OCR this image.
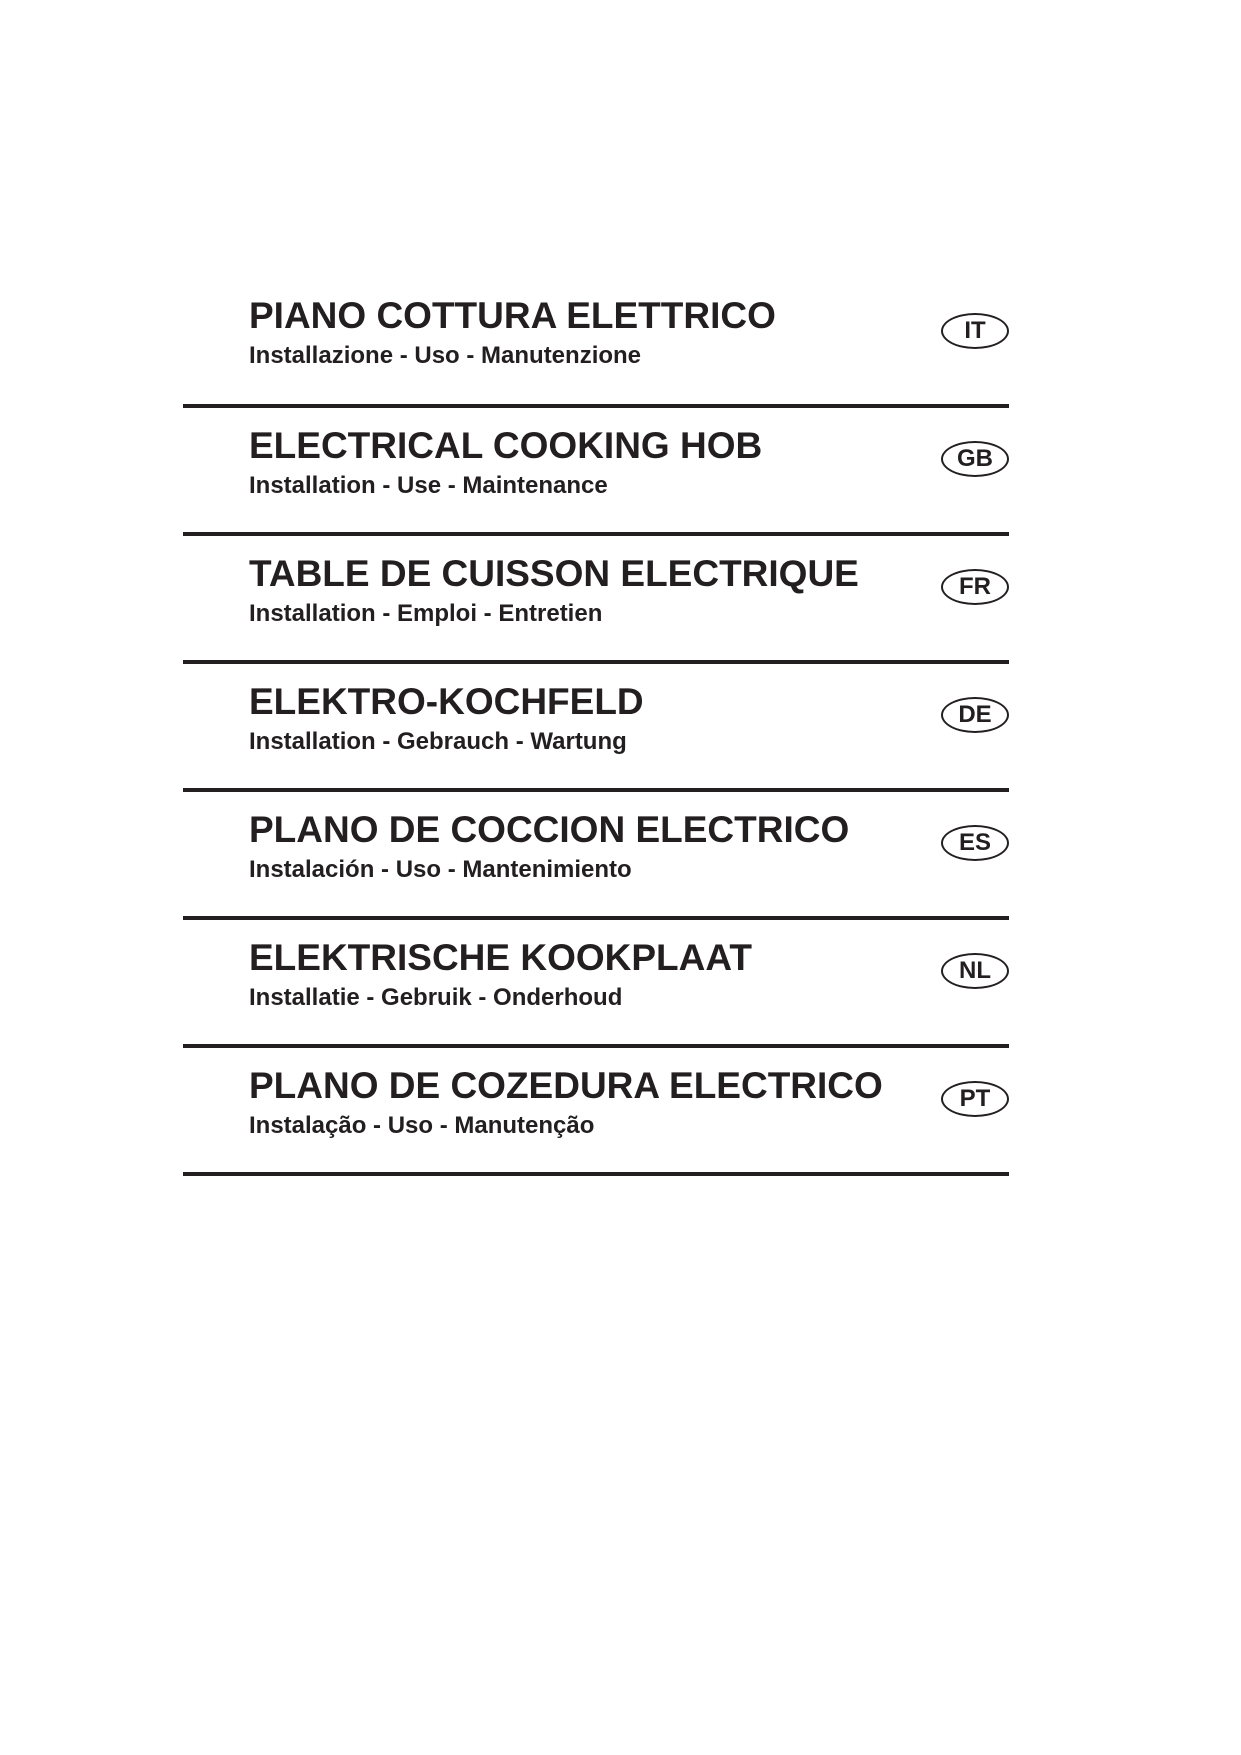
PIANO COTTURA ELETTRICO

Installazione - Uso - Manutenzione

IT
ELECTRICAL COOKING HOB

Installation - Use - Maintenance

GB
TABLE DE CUISSON ELECTRIQUE

Installation - Emploi - Entretien

FR
ELEKTRO-KOCHFELD

Installation - Gebrauch - Wartung

DE
PLANO DE COCCION ELECTRICO

Instalación - Uso - Mantenimiento

ES
ELEKTRISCHE KOOKPLAAT

Installatie - Gebruik - Onderhoud

NL
PLANO DE COZEDURA ELECTRICO

Instalação - Uso - Manutenção

PT
